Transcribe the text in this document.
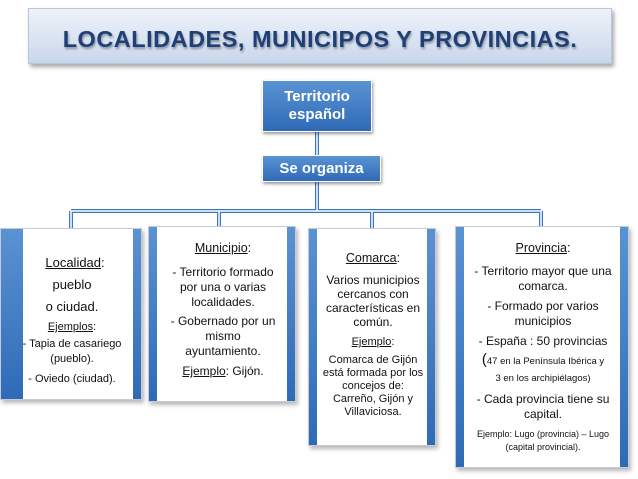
LOCALIDADES, MUNICIPOS Y PROVINCIAS.
Territorio
español
Se organiza
Localidad:
pueblo
o ciudad.
Ejemplos:
- Tapia de casariego
(pueblo).
- Oviedo (ciudad).
Municipio:
- Territorio formado
por una o varias
localidades.
- Gobernado por un
mismo
ayuntamiento.
Ejemplo: Gijón.
Comarca:
Varios municipios
cercanos con
características en
común.
Ejemplo:
Comarca de Gijón
está formada por los
concejos de:
Carreño, Gijón y
Villaviciosa.
Provincia:
- Territorio mayor que una
comarca.
- Formado por varios
municipios
- España : 50 provincias
(47 en la Península Ibérica y
3 en los archipiélagos)
- Cada provincia tiene su
capital.
Ejemplo: Lugo (provincia) – Lugo
(capital provincial).
